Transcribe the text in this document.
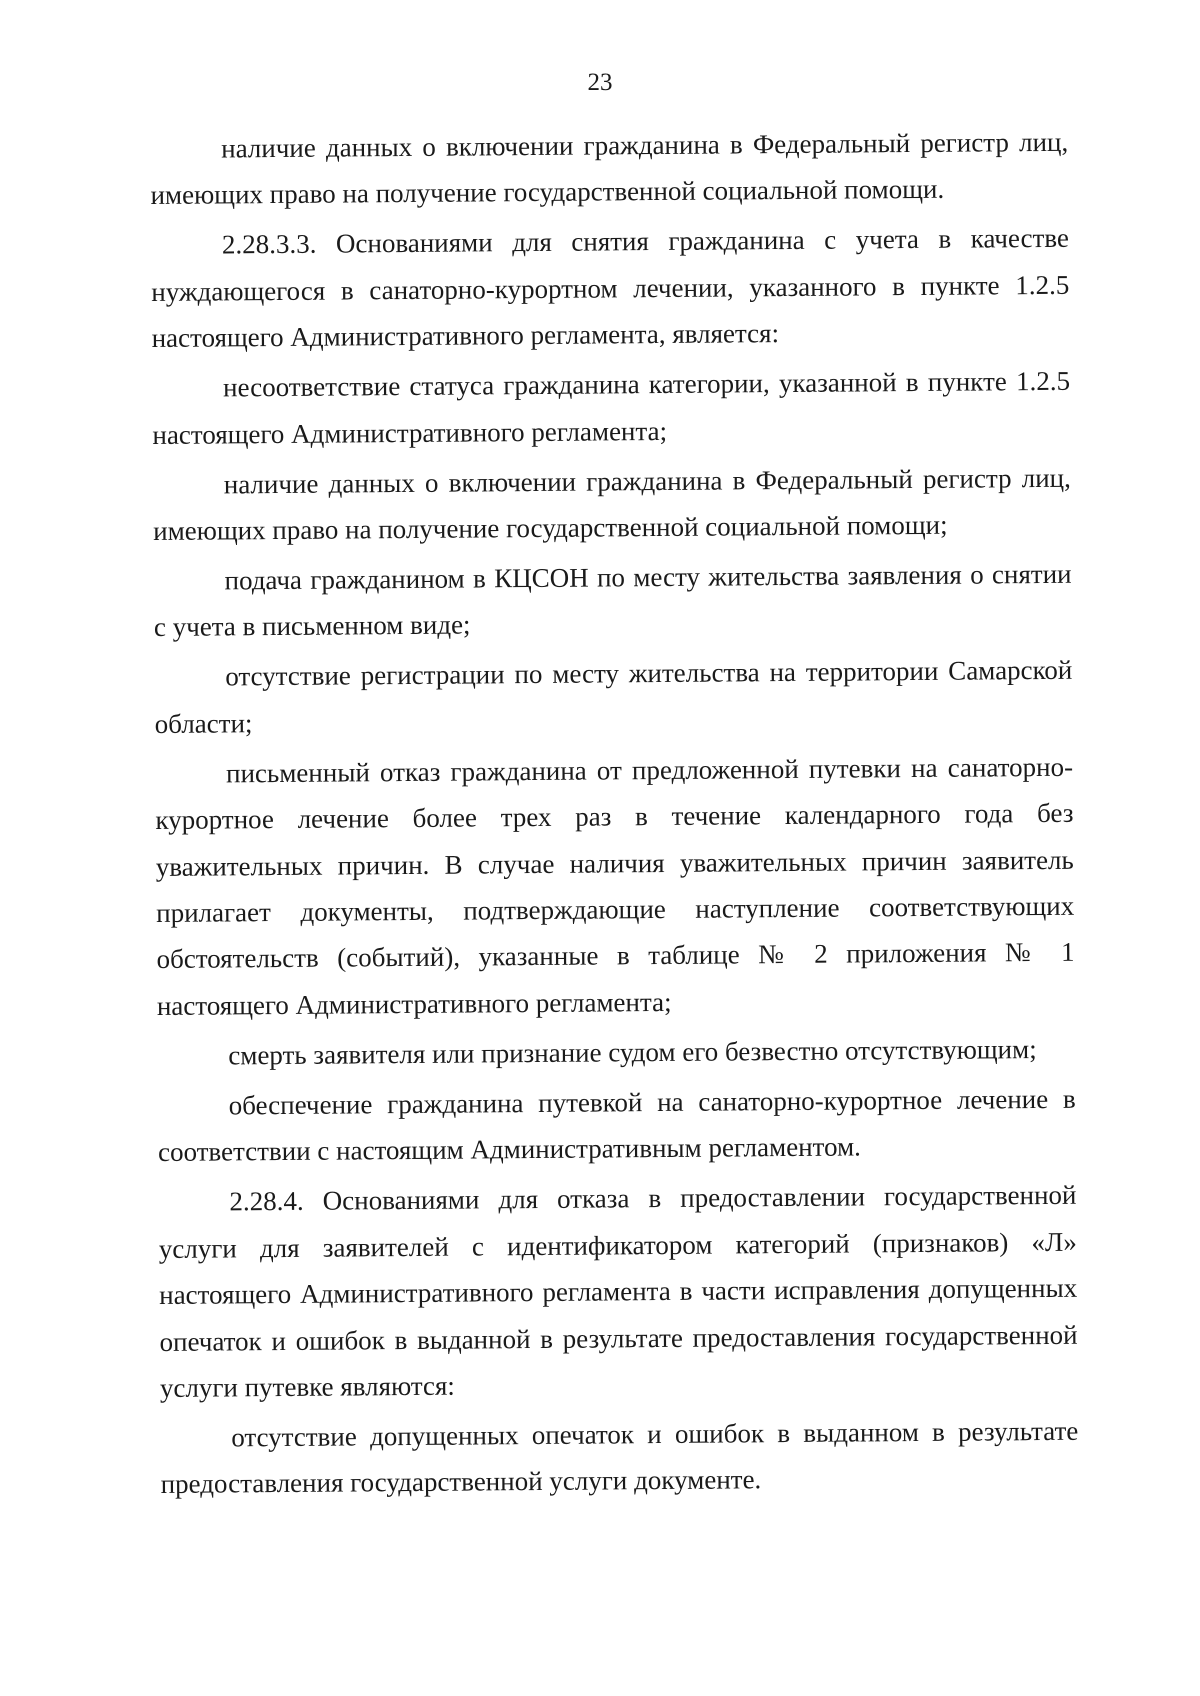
23

наличие данных о включении гражданина в Федеральный регистр лиц, имеющих право на получение государственной социальной помощи.

2.28.3.3. Основаниями для снятия гражданина с учета в качестве нуждающегося в санаторно-курортном лечении, указанного в пункте 1.2.5 настоящего Административного регламента, является:

несоответствие статуса гражданина категории, указанной в пункте 1.2.5 настоящего Административного регламента;

наличие данных о включении гражданина в Федеральный регистр лиц, имеющих право на получение государственной социальной помощи;

подача гражданином в КЦСОН по месту жительства заявления о снятии с учета в письменном виде;

отсутствие регистрации по месту жительства на территории Самарской области;

письменный отказ гражданина от предложенной путевки на санаторно-курортное лечение более трех раз в течение календарного года без уважительных причин. В случае наличия уважительных причин заявитель прилагает документы, подтверждающие наступление соответствующих обстоятельств (событий), указанные в таблице № 2 приложения № 1 настоящего Административного регламента;

смерть заявителя или признание судом его безвестно отсутствующим;

обеспечение гражданина путевкой на санаторно-курортное лечение в соответствии с настоящим Административным регламентом.

2.28.4. Основаниями для отказа в предоставлении государственной услуги для заявителей с идентификатором категорий (признаков) «Л» настоящего Административного регламента в части исправления допущенных опечаток и ошибок в выданной в результате предоставления государственной услуги путевке являются:

отсутствие допущенных опечаток и ошибок в выданном в результате предоставления государственной услуги документе.
